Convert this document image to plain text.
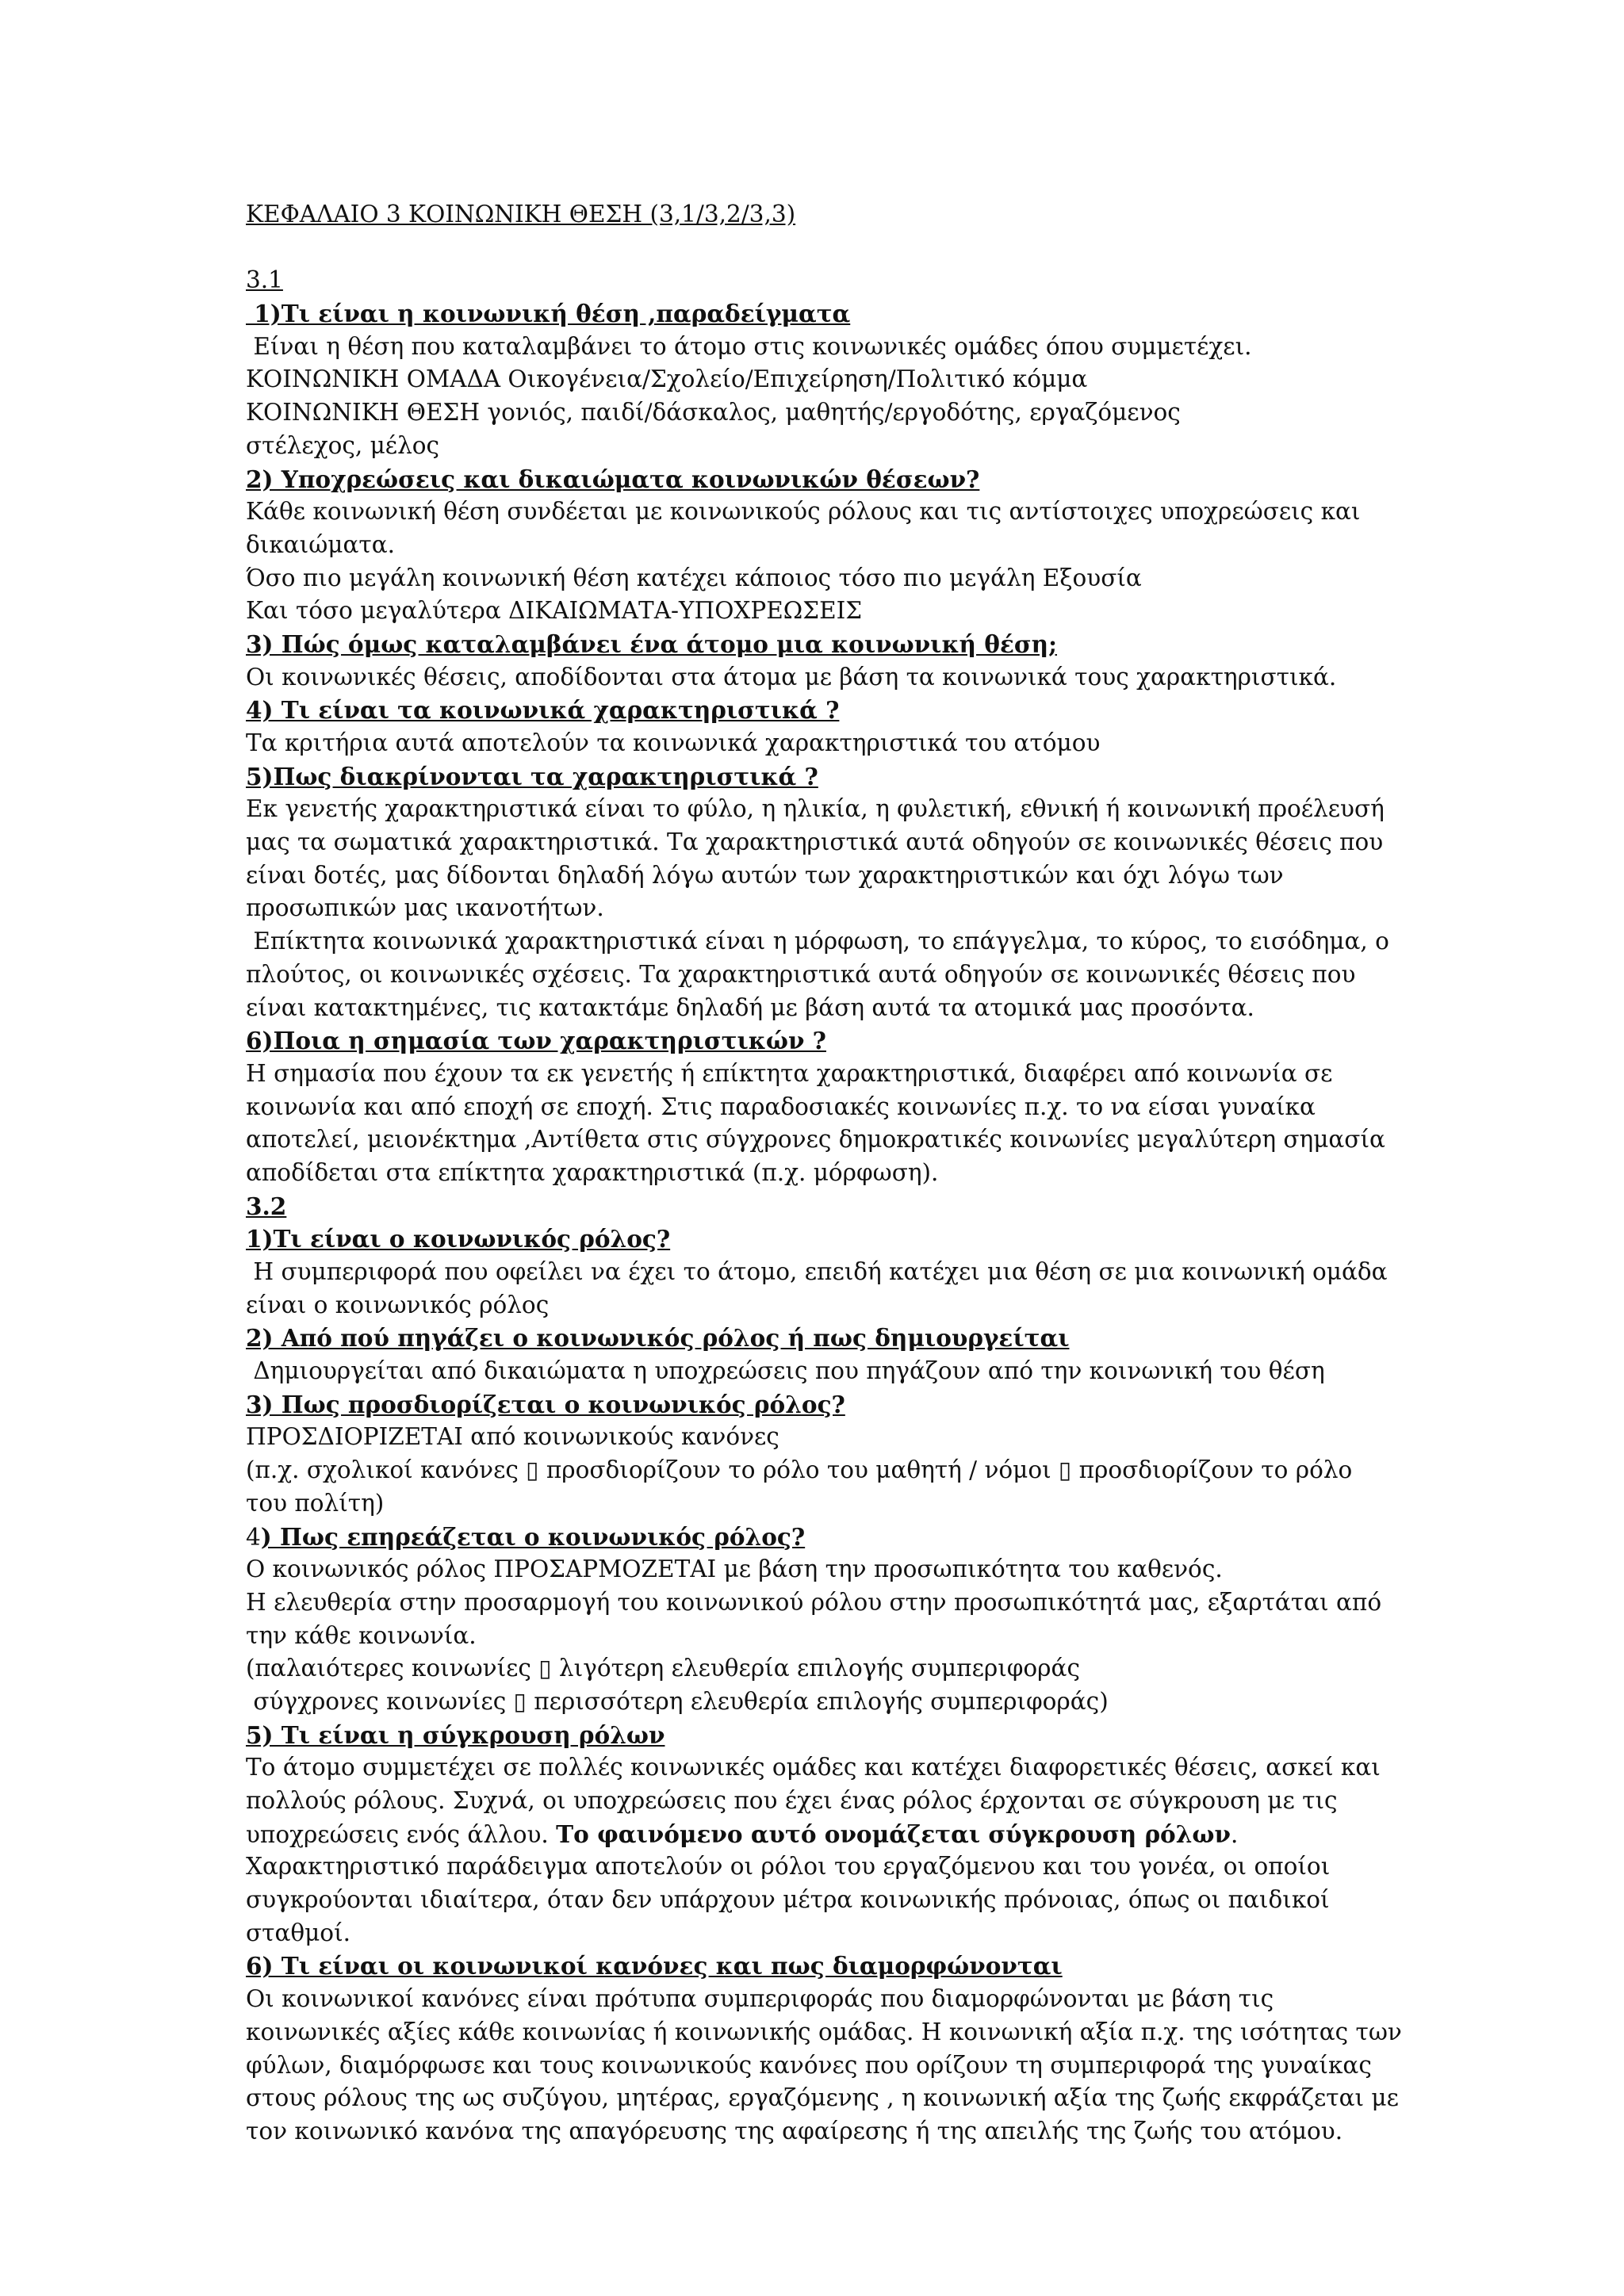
ΚΕΦΑΛΑΙΟ 3 ΚΟΙΝΩΝΙΚΗ ΘΕΣΗ (3,1/3,2/3,3)
3.1
1)Τι είναι η κοινωνική θέση ,παραδείγματα
Είναι η θέση που καταλαμβάνει το άτομο στις κοινωνικές ομάδες όπου συμμετέχει.
ΚΟΙΝΩΝΙΚΗ ΟΜΑΔΑ Οικογένεια/Σχολείο/Επιχείρηση/Πολιτικό κόμμα
ΚΟΙΝΩΝΙΚΗ ΘΕΣΗ γονιός, παιδί/δάσκαλος, μαθητής/εργοδότης, εργαζόμενος
στέλεχος, μέλος
2) Υποχρεώσεις και δικαιώματα κοινωνικών θέσεων?
Κάθε κοινωνική θέση συνδέεται με κοινωνικούς ρόλους και τις αντίστοιχες υποχρεώσεις και
δικαιώματα.
Όσο πιο μεγάλη κοινωνική θέση κατέχει κάποιος τόσο πιο μεγάλη Εξουσία
Και τόσο μεγαλύτερα ΔΙΚΑΙΩΜΑΤΑ-ΥΠΟΧΡΕΩΣΕΙΣ
3) Πώς όμως καταλαμβάνει ένα άτομο μια κοινωνική θέση;
Οι κοινωνικές θέσεις, αποδίδονται στα άτομα με βάση τα κοινωνικά τους χαρακτηριστικά.
4) Τι είναι τα κοινωνικά χαρακτηριστικά ?
Τα κριτήρια αυτά αποτελούν τα κοινωνικά χαρακτηριστικά του ατόμου
5)Πως διακρίνονται τα χαρακτηριστικά ?
Εκ γενετής χαρακτηριστικά είναι το φύλο, η ηλικία, η φυλετική, εθνική ή κοινωνική προέλευσή
μας τα σωματικά χαρακτηριστικά. Τα χαρακτηριστικά αυτά οδηγούν σε κοινωνικές θέσεις που
είναι δοτές, μας δίδονται δηλαδή λόγω αυτών των χαρακτηριστικών και όχι λόγω των
προσωπικών μας ικανοτήτων.
Επίκτητα κοινωνικά χαρακτηριστικά είναι η μόρφωση, το επάγγελμα, το κύρος, το εισόδημα, ο
πλούτος, οι κοινωνικές σχέσεις. Τα χαρακτηριστικά αυτά οδηγούν σε κοινωνικές θέσεις που
είναι κατακτημένες, τις κατακτάμε δηλαδή με βάση αυτά τα ατομικά μας προσόντα.
6)Ποια η σημασία των χαρακτηριστικών ?
Η σημασία που έχουν τα εκ γενετής ή επίκτητα χαρακτηριστικά, διαφέρει από κοινωνία σε
κοινωνία και από εποχή σε εποχή. Στις παραδοσιακές κοινωνίες π.χ. το να είσαι γυναίκα
αποτελεί, μειονέκτημα ,Αντίθετα στις σύγχρονες δημοκρατικές κοινωνίες μεγαλύτερη σημασία
αποδίδεται στα επίκτητα χαρακτηριστικά (π.χ. μόρφωση).
3.2
1)Τι είναι ο κοινωνικός ρόλος?
Η συμπεριφορά που οφείλει να έχει το άτομο, επειδή κατέχει μια θέση σε μια κοινωνική ομάδα
είναι ο κοινωνικός ρόλος
2) Από πού πηγάζει ο κοινωνικός ρόλος ή πως δημιουργείται
Δημιουργείται από δικαιώματα η υποχρεώσεις που πηγάζουν από την κοινωνική του θέση
3) Πως προσδιορίζεται ο κοινωνικός ρόλος?
ΠΡΟΣΔΙΟΡΙΖΕΤΑΙ από κοινωνικούς κανόνες
(π.χ. σχολικοί κανόνες ▯ προσδιορίζουν το ρόλο του μαθητή / νόμοι ▯ προσδιορίζουν το ρόλο
του πολίτη)
4) Πως επηρεάζεται ο κοινωνικός ρόλος?
Ο κοινωνικός ρόλος ΠΡΟΣΑΡΜΟΖΕΤΑΙ με βάση την προσωπικότητα του καθενός.
Η ελευθερία στην προσαρμογή του κοινωνικού ρόλου στην προσωπικότητά μας, εξαρτάται από
την κάθε κοινωνία.
(παλαιότερες κοινωνίες ▯ λιγότερη ελευθερία επιλογής συμπεριφοράς
σύγχρονες κοινωνίες ▯ περισσότερη ελευθερία επιλογής συμπεριφοράς)
5) Τι είναι η σύγκρουση ρόλων
Το άτομο συμμετέχει σε πολλές κοινωνικές ομάδες και κατέχει διαφορετικές θέσεις, ασκεί και
πολλούς ρόλους. Συχνά, οι υποχρεώσεις που έχει ένας ρόλος έρχονται σε σύγκρουση με τις
υποχρεώσεις ενός άλλου. Το φαινόμενο αυτό ονομάζεται σύγκρουση ρόλων.
Χαρακτηριστικό παράδειγμα αποτελούν οι ρόλοι του εργαζόμενου και του γονέα, οι οποίοι
συγκρούονται ιδιαίτερα, όταν δεν υπάρχουν μέτρα κοινωνικής πρόνοιας, όπως οι παιδικοί
σταθμοί.
6) Τι είναι οι κοινωνικοί κανόνες και πως διαμορφώνονται
Οι κοινωνικοί κανόνες είναι πρότυπα συμπεριφοράς που διαμορφώνονται με βάση τις
κοινωνικές αξίες κάθε κοινωνίας ή κοινωνικής ομάδας. Η κοινωνική αξία π.χ. της ισότητας των
φύλων, διαμόρφωσε και τους κοινωνικούς κανόνες που ορίζουν τη συμπεριφορά της γυναίκας
στους ρόλους της ως συζύγου, μητέρας, εργαζόμενης , η κοινωνική αξία της ζωής εκφράζεται με
τον κοινωνικό κανόνα της απαγόρευσης της αφαίρεσης ή της απειλής της ζωής του ατόμου.
